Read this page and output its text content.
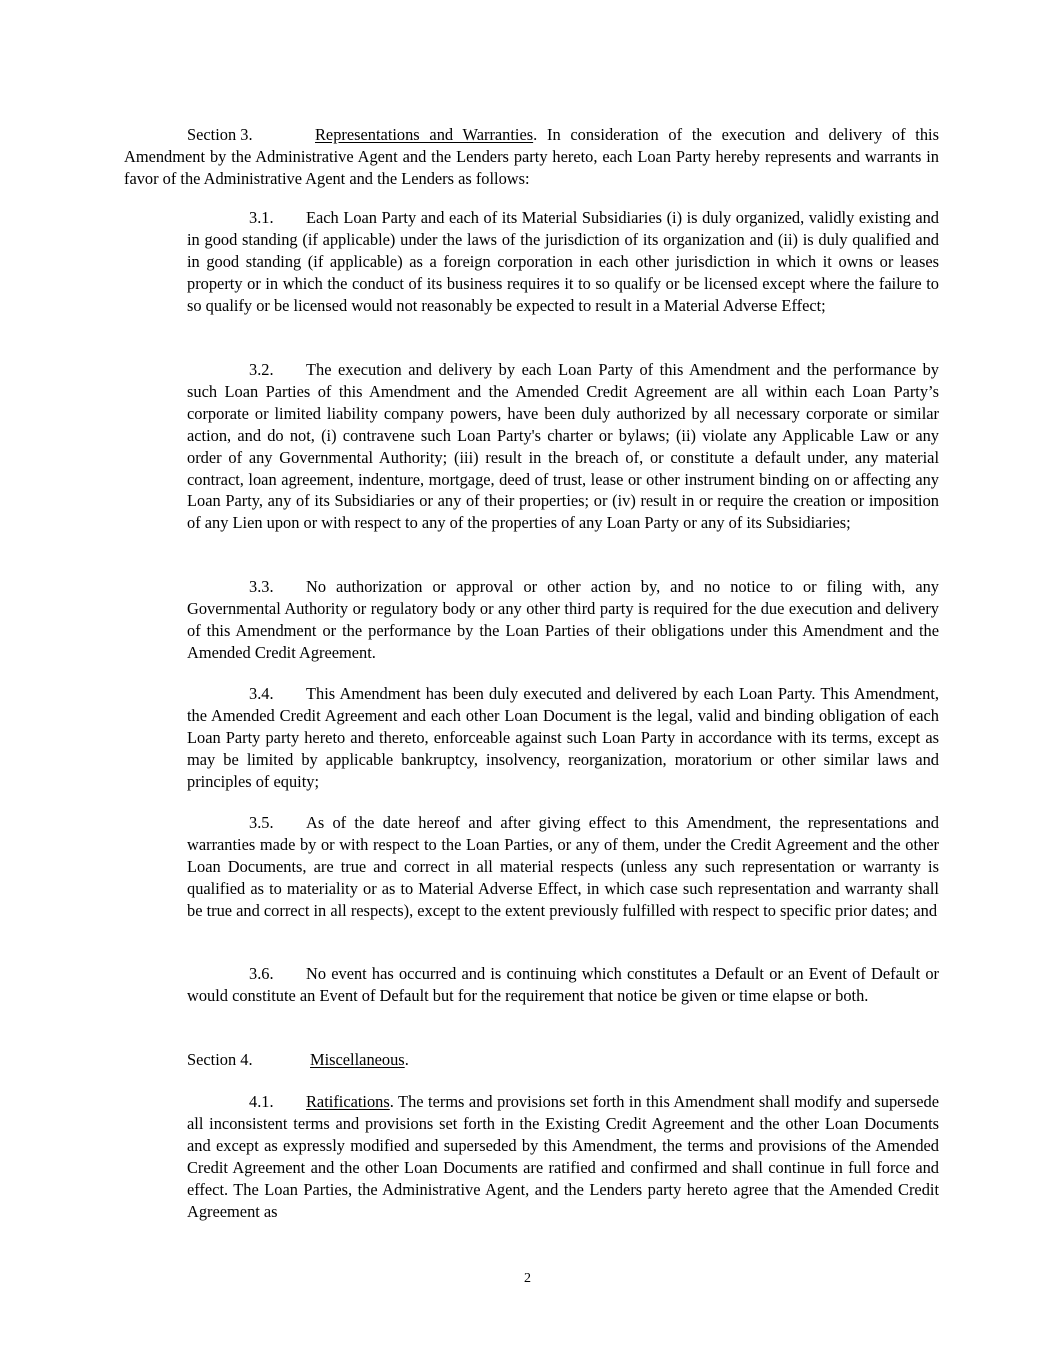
Section 3.	Representations and Warranties. In consideration of the execution and delivery of this Amendment by the Administrative Agent and the Lenders party hereto, each Loan Party hereby represents and warrants in favor of the Administrative Agent and the Lenders as follows:
3.1. Each Loan Party and each of its Material Subsidiaries (i) is duly organized, validly existing and in good standing (if applicable) under the laws of the jurisdiction of its organization and (ii) is duly qualified and in good standing (if applicable) as a foreign corporation in each other jurisdiction in which it owns or leases property or in which the conduct of its business requires it to so qualify or be licensed except where the failure to so qualify or be licensed would not reasonably be expected to result in a Material Adverse Effect;
3.2. The execution and delivery by each Loan Party of this Amendment and the performance by such Loan Parties of this Amendment and the Amended Credit Agreement are all within each Loan Party’s corporate or limited liability company powers, have been duly authorized by all necessary corporate or similar action, and do not, (i) contravene such Loan Party's charter or bylaws; (ii) violate any Applicable Law or any order of any Governmental Authority; (iii) result in the breach of, or constitute a default under, any material contract, loan agreement, indenture, mortgage, deed of trust, lease or other instrument binding on or affecting any Loan Party, any of its Subsidiaries or any of their properties; or (iv) result in or require the creation or imposition of any Lien upon or with respect to any of the properties of any Loan Party or any of its Subsidiaries;
3.3. No authorization or approval or other action by, and no notice to or filing with, any Governmental Authority or regulatory body or any other third party is required for the due execution and delivery of this Amendment or the performance by the Loan Parties of their obligations under this Amendment and the Amended Credit Agreement.
3.4. This Amendment has been duly executed and delivered by each Loan Party. This Amendment, the Amended Credit Agreement and each other Loan Document is the legal, valid and binding obligation of each Loan Party party hereto and thereto, enforceable against such Loan Party in accordance with its terms, except as may be limited by applicable bankruptcy, insolvency, reorganization, moratorium or other similar laws and principles of equity;
3.5. As of the date hereof and after giving effect to this Amendment, the representations and warranties made by or with respect to the Loan Parties, or any of them, under the Credit Agreement and the other Loan Documents, are true and correct in all material respects (unless any such representation or warranty is qualified as to materiality or as to Material Adverse Effect, in which case such representation and warranty shall be true and correct in all respects), except to the extent previously fulfilled with respect to specific prior dates; and
3.6. No event has occurred and is continuing which constitutes a Default or an Event of Default or would constitute an Event of Default but for the requirement that notice be given or time elapse or both.
Section 4.	Miscellaneous.
4.1. Ratifications. The terms and provisions set forth in this Amendment shall modify and supersede all inconsistent terms and provisions set forth in the Existing Credit Agreement and the other Loan Documents and except as expressly modified and superseded by this Amendment, the terms and provisions of the Amended Credit Agreement and the other Loan Documents are ratified and confirmed and shall continue in full force and effect. The Loan Parties, the Administrative Agent, and the Lenders party hereto agree that the Amended Credit Agreement as
2
